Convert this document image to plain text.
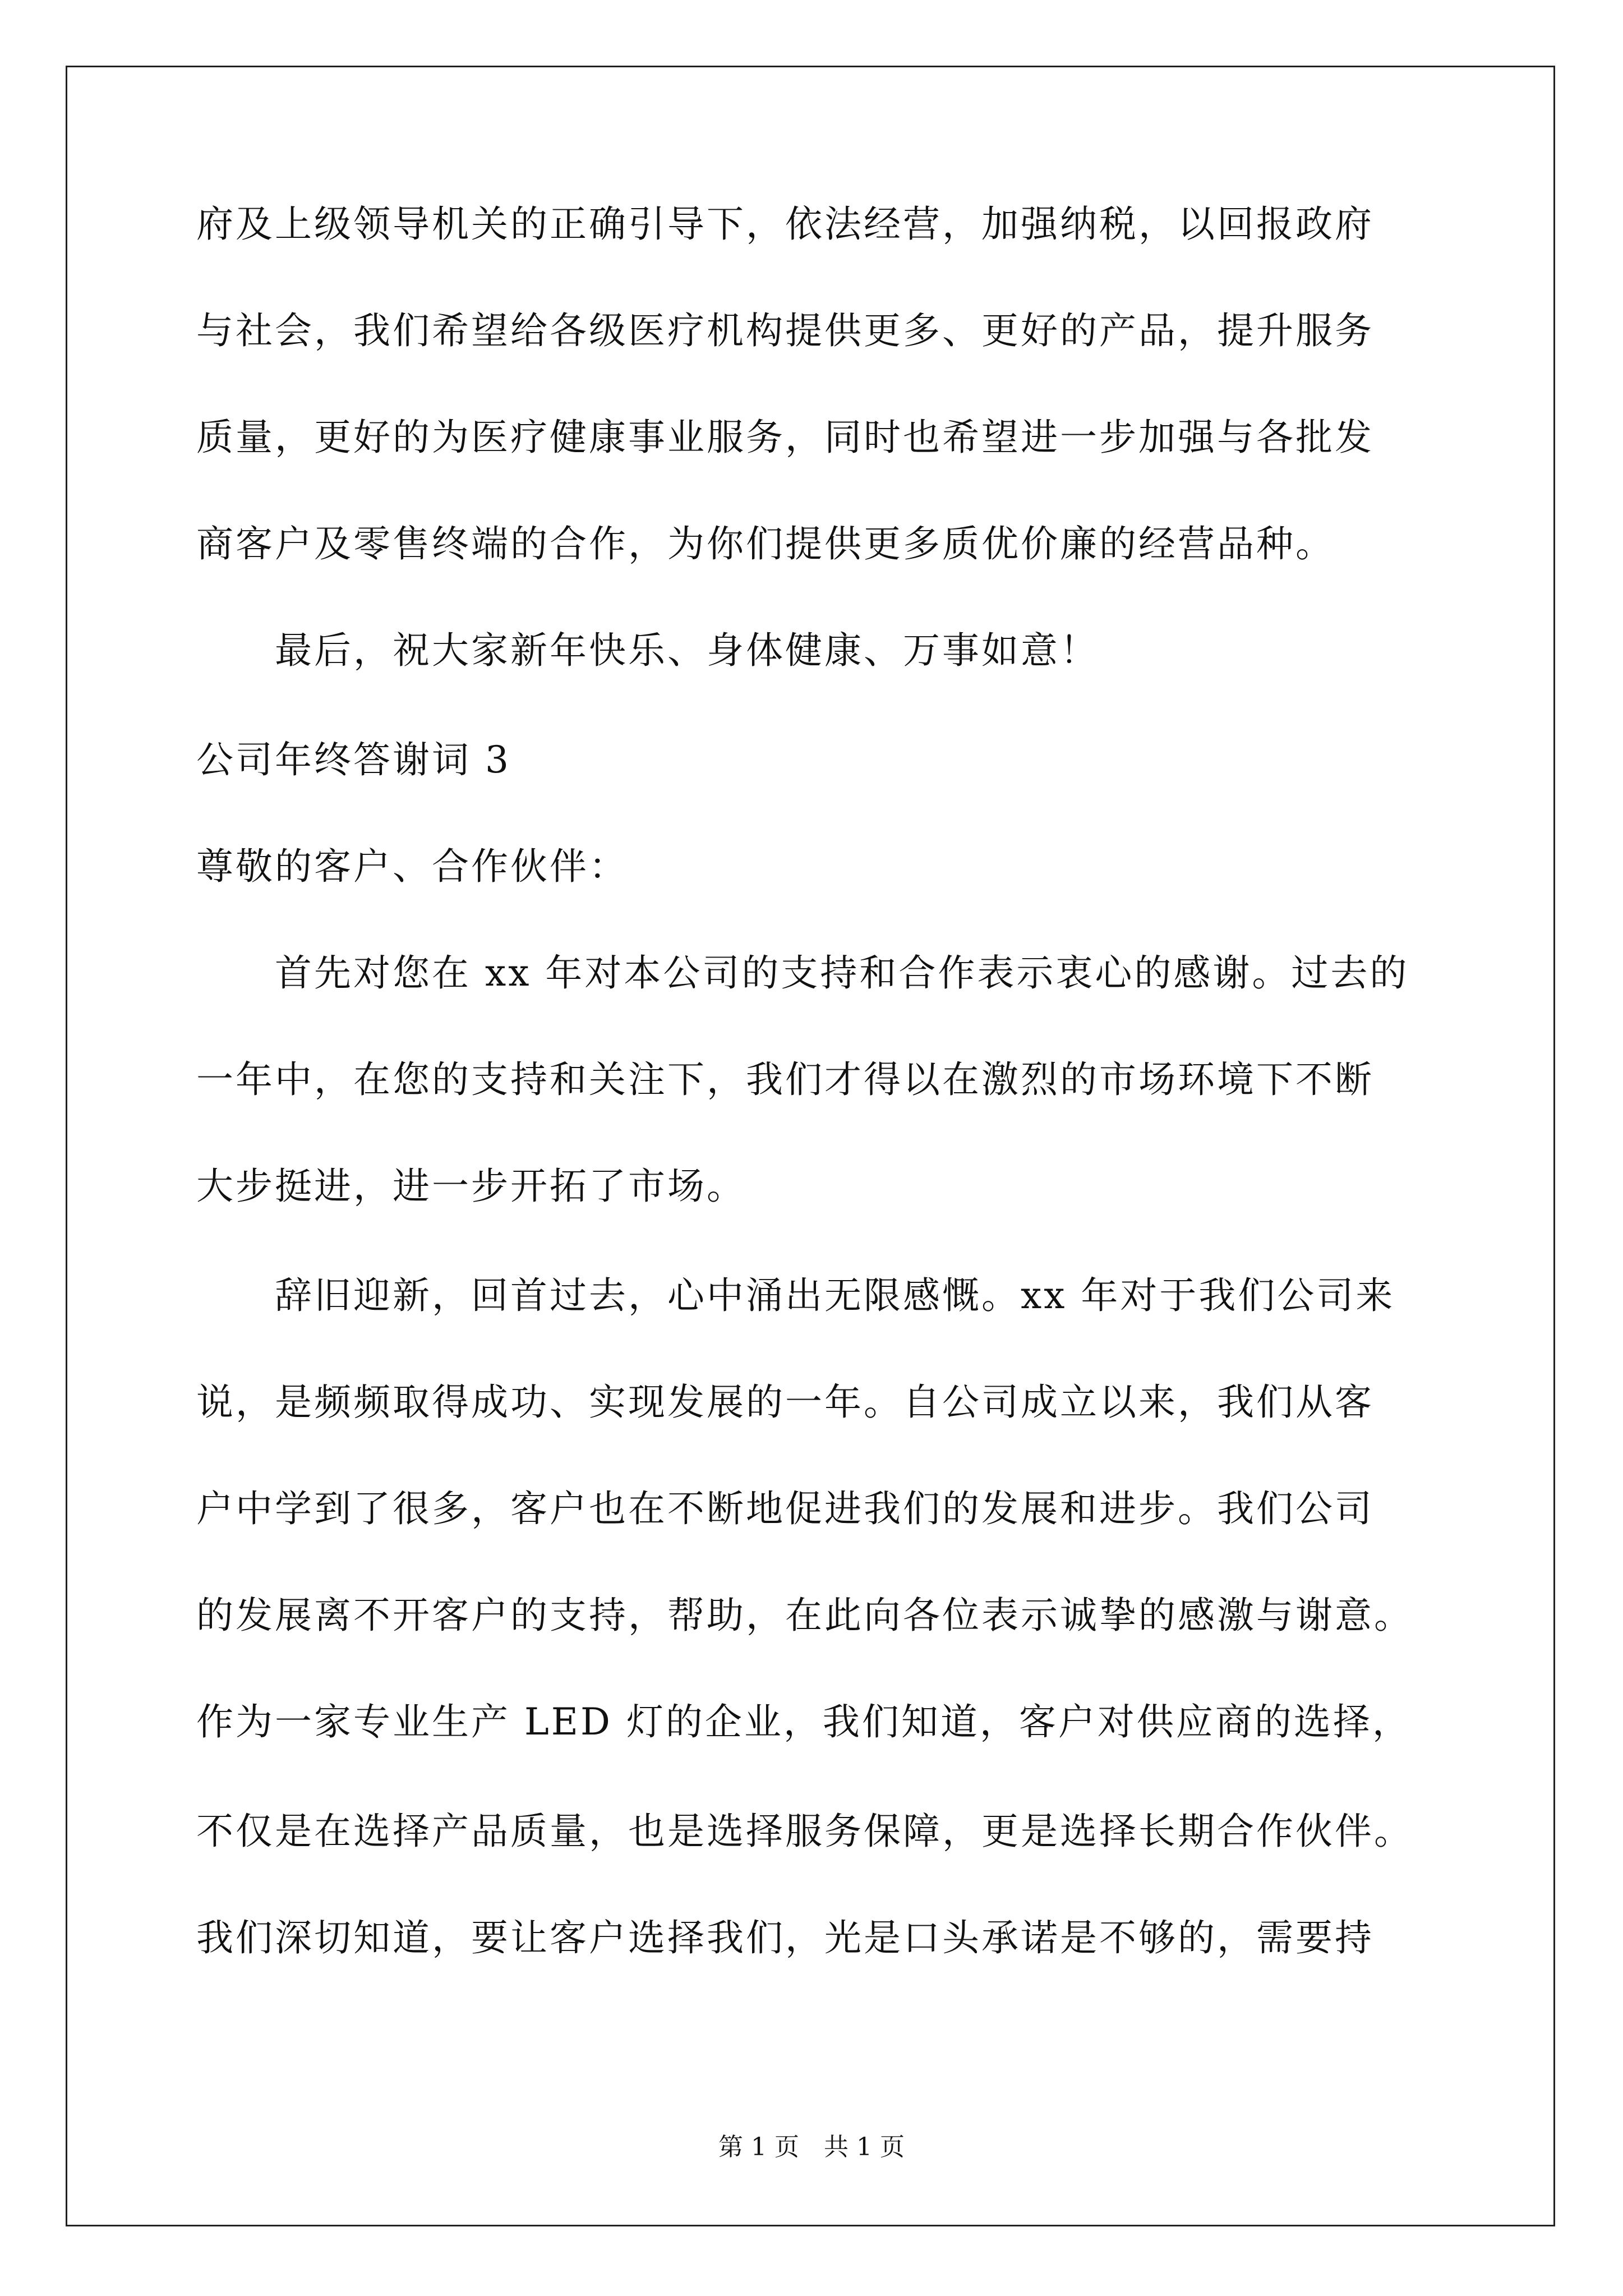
府及上级领导机关的正确引导下，依法经营，加强纳税，以回报政府
与社会，我们希望给各级医疗机构提供更多、更好的产品，提升服务
质量，更好的为医疗健康事业服务，同时也希望进一步加强与各批发
商客户及零售终端的合作，为你们提供更多质优价廉的经营品种。
最后，祝大家新年快乐、身体健康、万事如意！
公司年终答谢词 3
尊敬的客户、合作伙伴：
首先对您在 xx 年对本公司的支持和合作表示衷心的感谢。过去的
一年中，在您的支持和关注下，我们才得以在激烈的市场环境下不断
大步挺进，进一步开拓了市场。
辞旧迎新，回首过去，心中涌出无限感慨。xx 年对于我们公司来
说，是频频取得成功、实现发展的一年。自公司成立以来，我们从客
户中学到了很多，客户也在不断地促进我们的发展和进步。我们公司
的发展离不开客户的支持，帮助，在此向各位表示诚挚的感激与谢意。
作为一家专业生产 LED 灯的企业，我们知道，客户对供应商的选择，
不仅是在选择产品质量，也是选择服务保障，更是选择长期合作伙伴。
我们深切知道，要让客户选择我们，光是口头承诺是不够的，需要持
第 1 页　共 1 页
